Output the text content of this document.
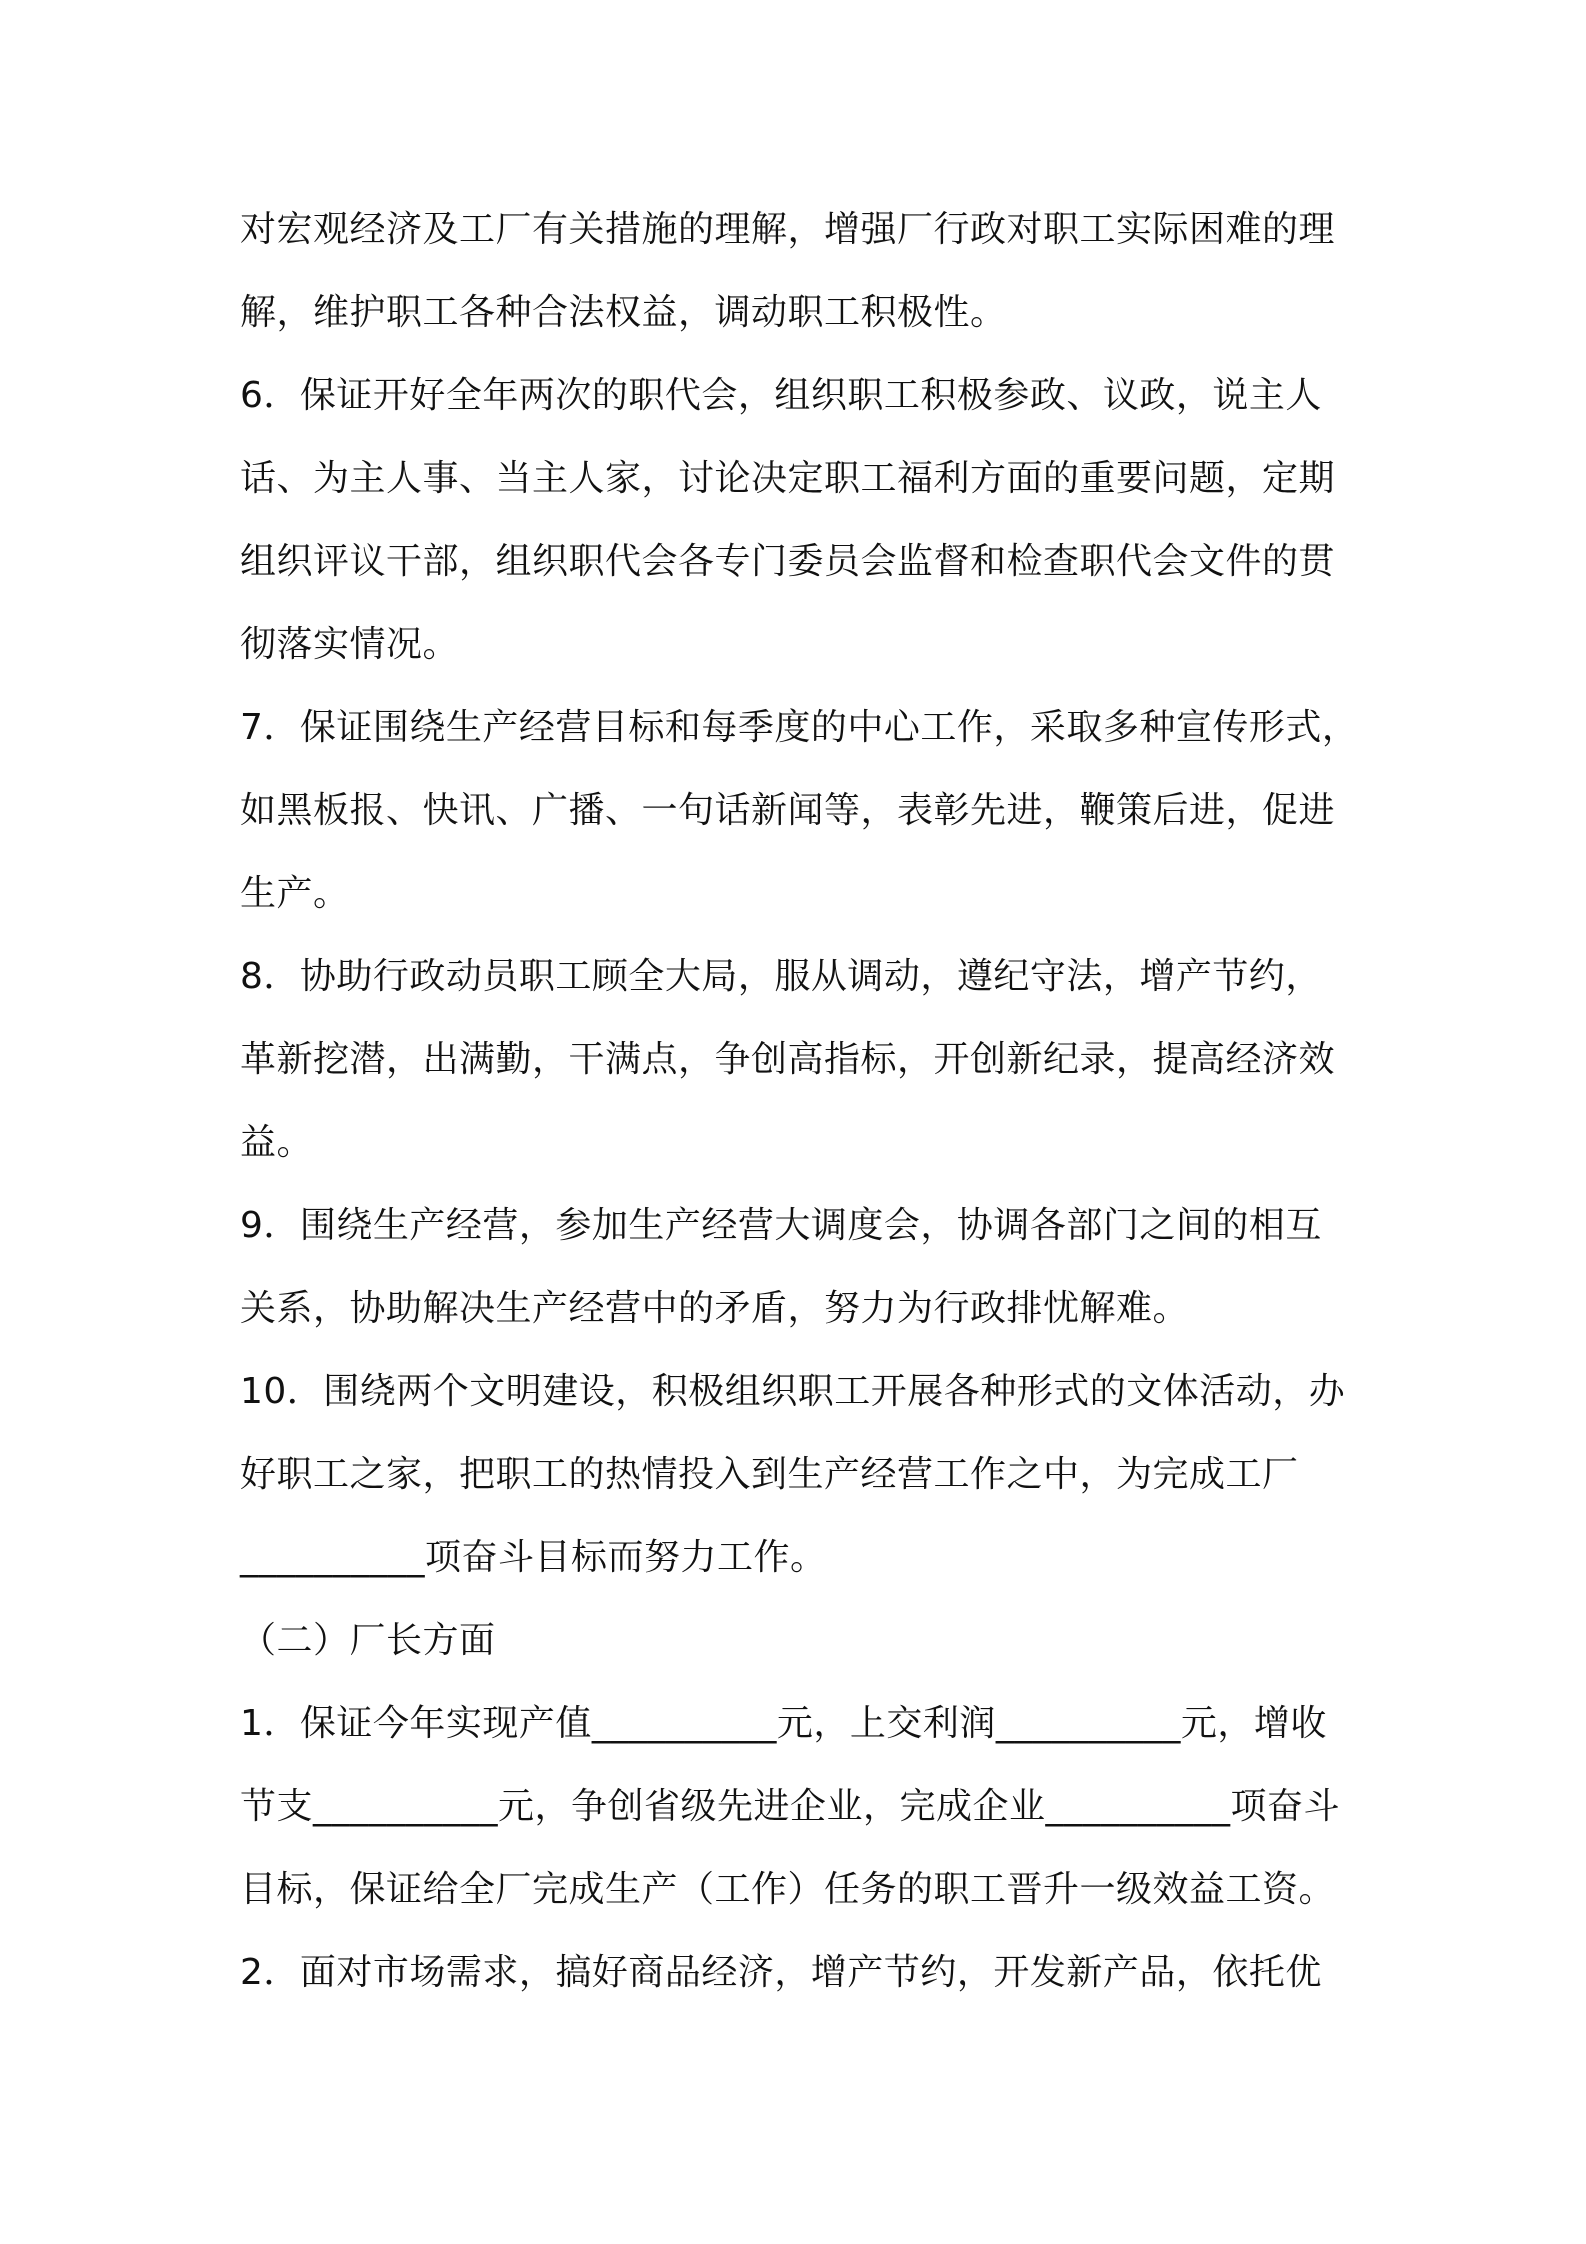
对宏观经济及工厂有关措施的理解，增强厂行政对职工实际困难的理
解，维护职工各种合法权益，调动职工积极性。
6．保证开好全年两次的职代会，组织职工积极参政、议政，说主人
话、为主人事、当主人家，讨论决定职工福利方面的重要问题，定期
组织评议干部，组织职代会各专门委员会监督和检查职代会文件的贯
彻落实情况。
7．保证围绕生产经营目标和每季度的中心工作，采取多种宣传形式，
如黑板报、快讯、广播、一句话新闻等，表彰先进，鞭策后进，促进
生产。
8．协助行政动员职工顾全大局，服从调动，遵纪守法，增产节约，
革新挖潜，出满勤，干满点，争创高指标，开创新纪录，提高经济效
益。
9．围绕生产经营，参加生产经营大调度会，协调各部门之间的相互
关系，协助解决生产经营中的矛盾，努力为行政排忧解难。
10．围绕两个文明建设，积极组织职工开展各种形式的文体活动，办
好职工之家，把职工的热情投入到生产经营工作之中，为完成工厂
__________项奋斗目标而努力工作。
（二）厂长方面
1．保证今年实现产值__________元，上交利润__________元，增收
节支__________元，争创省级先进企业，完成企业__________项奋斗
目标，保证给全厂完成生产（工作）任务的职工晋升一级效益工资。
2．面对市场需求，搞好商品经济，增产节约，开发新产品，依托优
